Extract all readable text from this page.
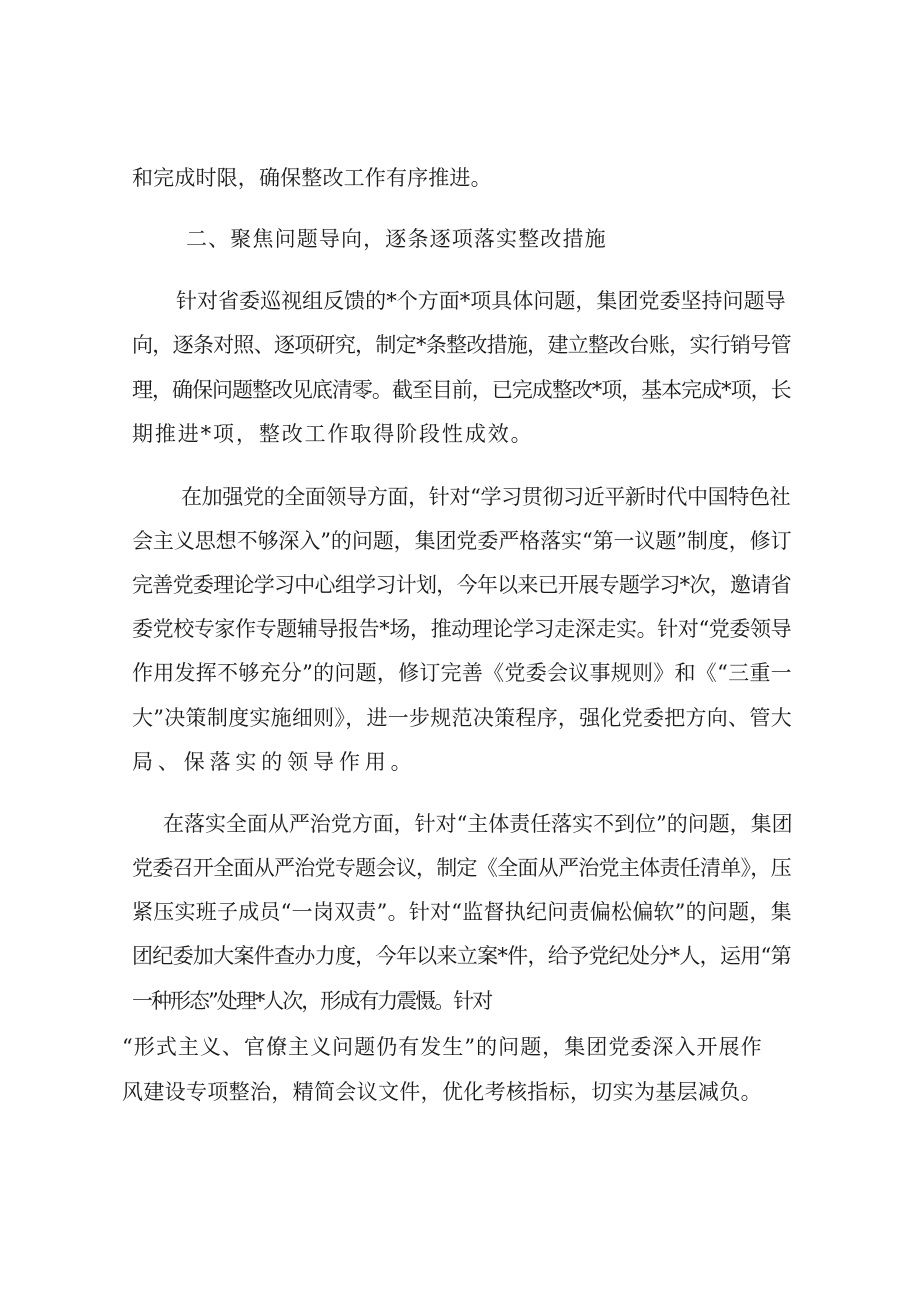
和完成时限，确保整改工作有序推进。
二、聚焦问题导向，逐条逐项落实整改措施
针对省委巡视组反馈的*个方面*项具体问题，集团党委坚持问题导
向，逐条对照、逐项研究，制定*条整改措施，建立整改台账，实行销号管
理，确保问题整改见底清零。截至目前，已完成整改*项，基本完成*项，长
期推进*项，整改工作取得阶段性成效。
在加强党的全面领导方面，针对“学习贯彻习近平新时代中国特色社
会主义思想不够深入”的问题，集团党委严格落实“第一议题”制度，修订
完善党委理论学习中心组学习计划，今年以来已开展专题学习*次，邀请省
委党校专家作专题辅导报告*场，推动理论学习走深走实。针对“党委领导
作用发挥不够充分”的问题，修订完善《党委会议事规则》和《“三重一
大”决策制度实施细则》，进一步规范决策程序，强化党委把方向、管大
局、保落实的领导作用。
在落实全面从严治党方面，针对“主体责任落实不到位”的问题，集团
党委召开全面从严治党专题会议，制定《全面从严治党主体责任清单》，压
紧压实班子成员“一岗双责”。针对“监督执纪问责偏松偏软”的问题，集
团纪委加大案件查办力度，今年以来立案*件，给予党纪处分*人，运用“第
一种形态”处理*人次，形成有力震慑。针对
“形式主义、官僚主义问题仍有发生”的问题，集团党委深入开展作
风建设专项整治，精简会议文件，优化考核指标，切实为基层减负。
